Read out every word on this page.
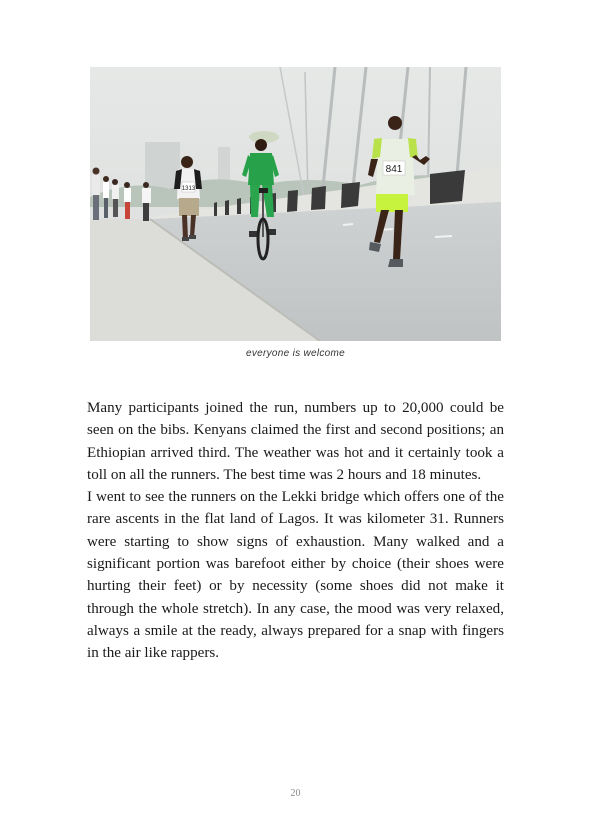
1313
841
everyone is welcome

Many participants joined the run, numbers up to 20,000 could be seen on the bibs. Kenyans claimed the first and second positions; an Ethiopian arrived third. The weather was hot and it certainly took a toll on all the runners. The best time was 2 hours and 18 minutes.

I went to see the runners on the Lekki bridge which offers one of the rare ascents in the flat land of Lagos. It was kilometer 31. Runners were starting to show signs of exhaustion. Many walked and a significant portion was barefoot either by choice (their shoes were hurting their feet) or by necessity (some shoes did not make it through the whole stretch). In any case, the mood was very relaxed, always a smile at the ready, always prepared for a snap with fingers in the air like rappers.

20
